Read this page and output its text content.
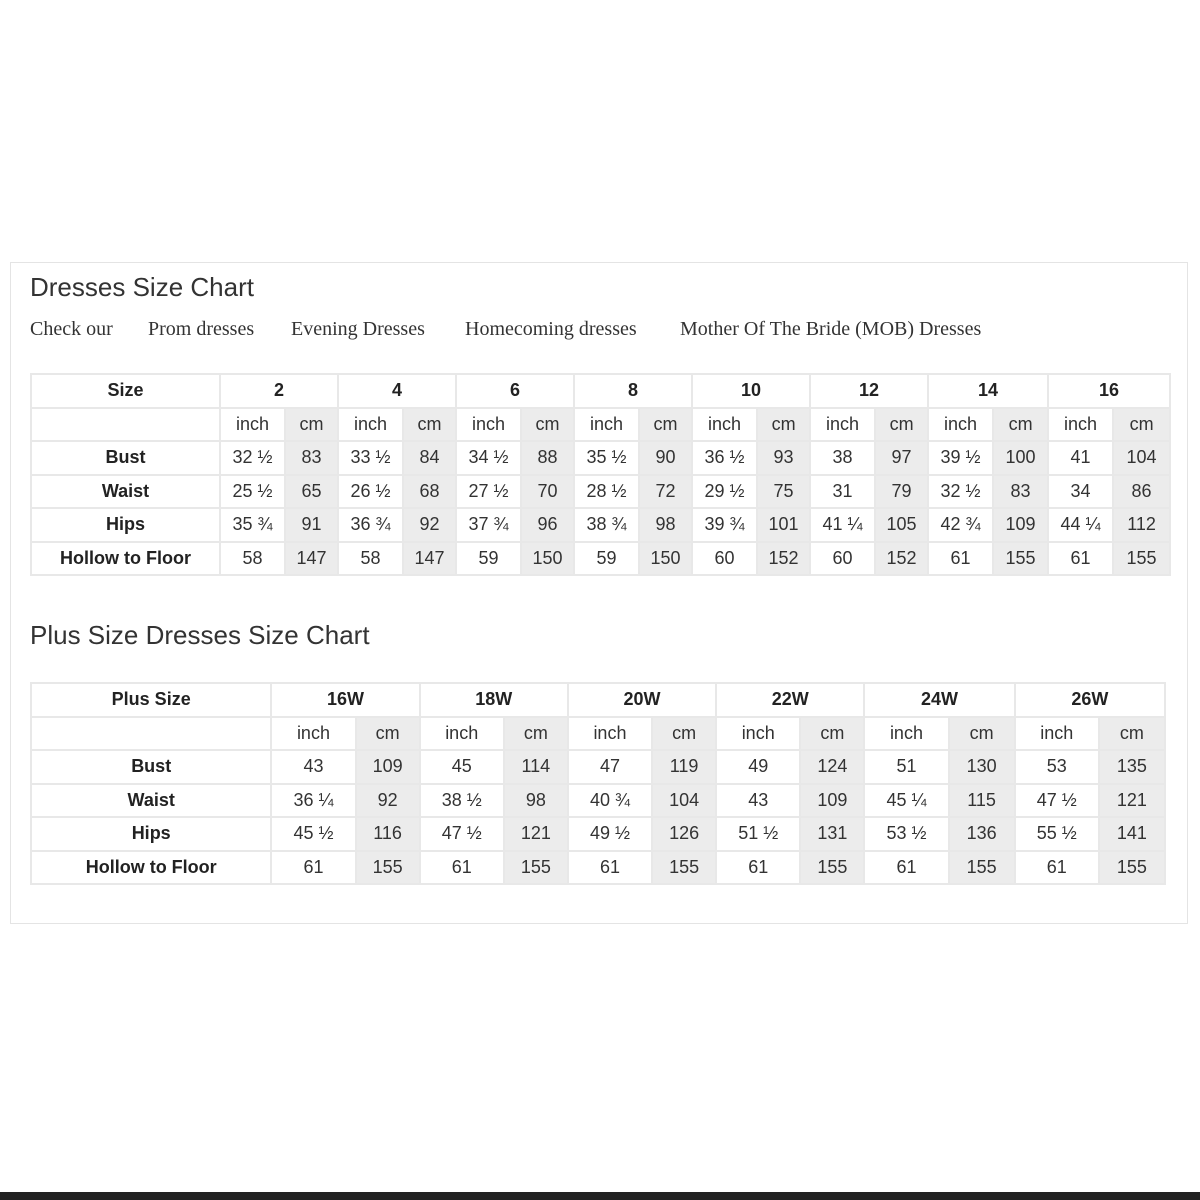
Dresses Size Chart
Check our Prom dresses Evening Dresses Homecoming dresses Mother Of The Bride (MOB) Dresses
Size	2		4		6		8		10		12		14		16	
	inch	cm	inch	cm	inch	cm	inch	cm	inch	cm	inch	cm	inch	cm	inch	cm
Bust	32 ½	83	33 ½	84	34 ½	88	35 ½	90	36 ½	93	38	97	39 ½	100	41	104
Waist	25 ½	65	26 ½	68	27 ½	70	28 ½	72	29 ½	75	31	79	32 ½	83	34	86
Hips	35 ¾	91	36 ¾	92	37 ¾	96	38 ¾	98	39 ¾	101	41 ¼	105	42 ¾	109	44 ¼	112
Hollow to Floor	58	147	58	147	59	150	59	150	60	152	60	152	61	155	61	155
Plus Size Dresses Size Chart
Plus Size	16W		18W		20W		22W		24W		26W	
	inch	cm	inch	cm	inch	cm	inch	cm	inch	cm	inch	cm
Bust	43	109	45	114	47	119	49	124	51	130	53	135
Waist	36 ¼	92	38 ½	98	40 ¾	104	43	109	45 ¼	115	47 ½	121
Hips	45 ½	116	47 ½	121	49 ½	126	51 ½	131	53 ½	136	55 ½	141
Hollow to Floor	61	155	61	155	61	155	61	155	61	155	61	155
